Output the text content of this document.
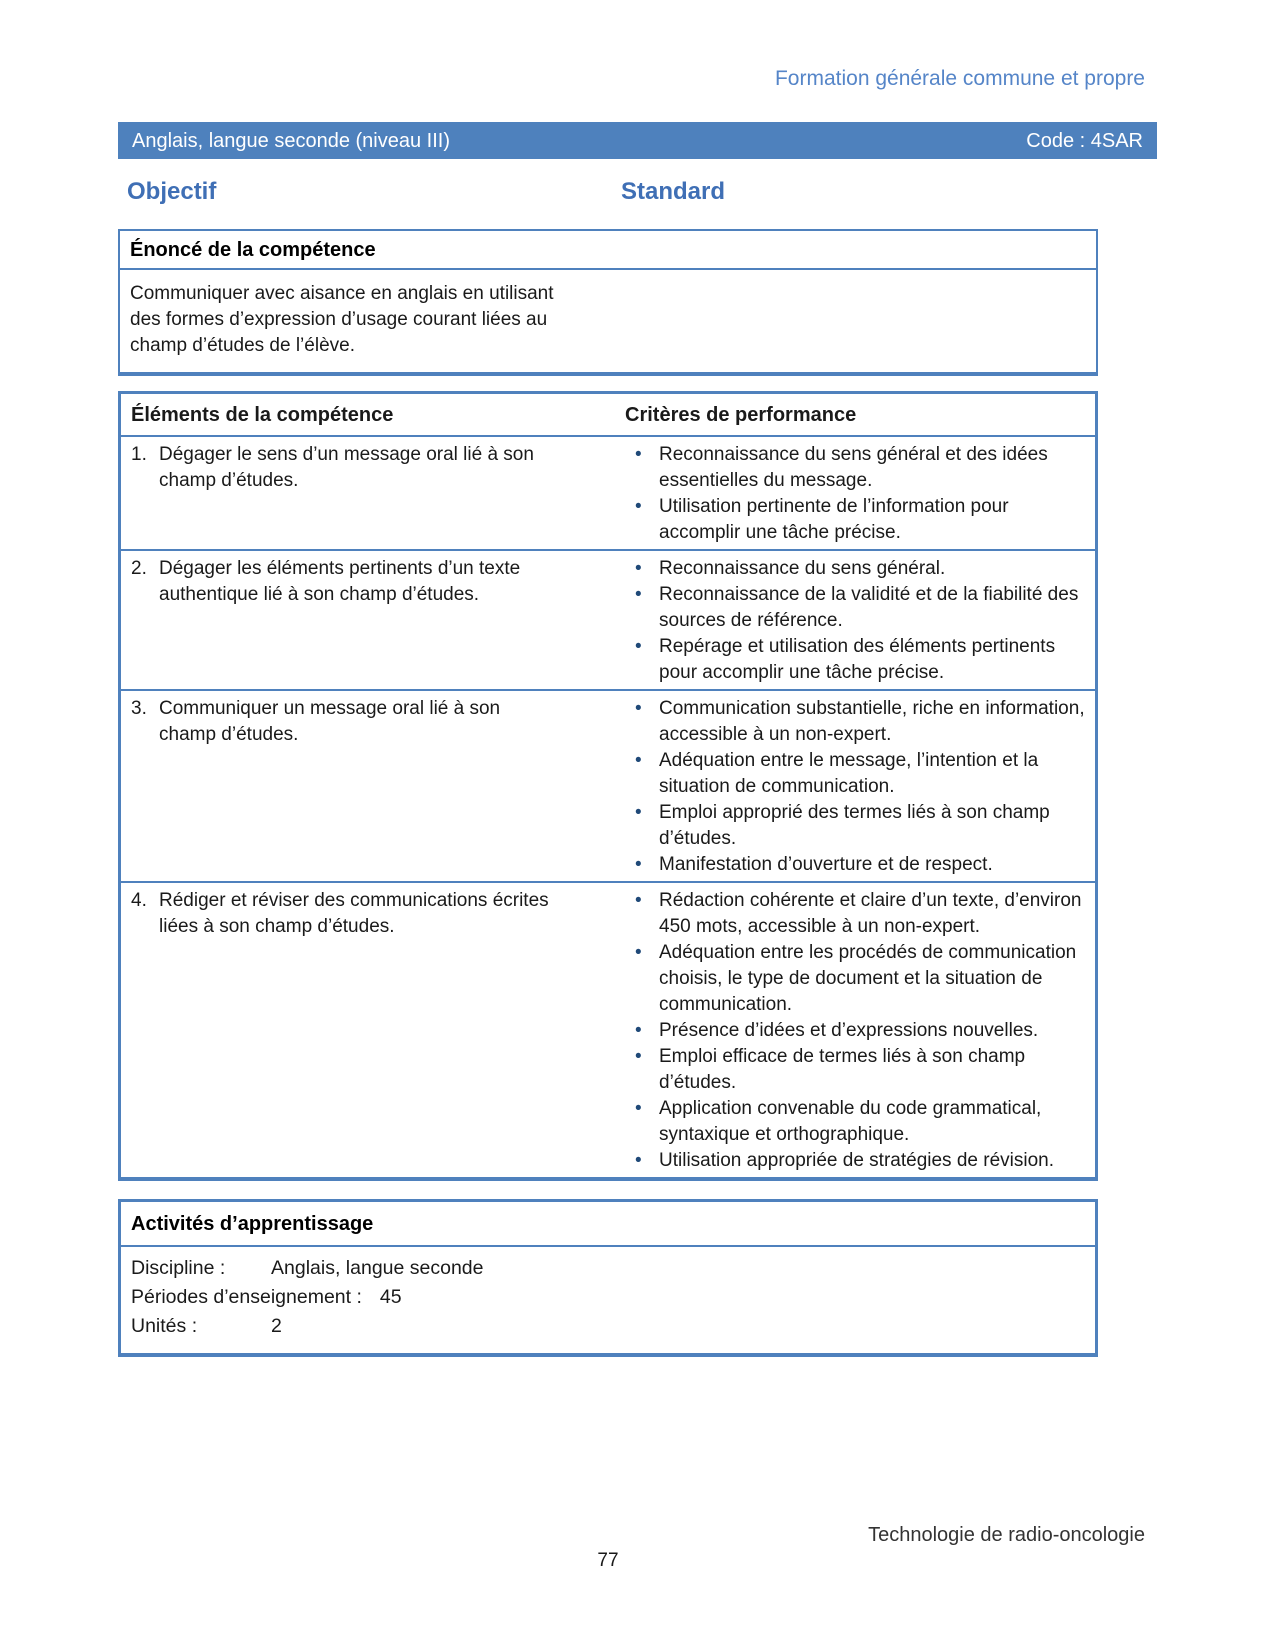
Formation générale commune et propre
Anglais, langue seconde (niveau III)	Code : 4SAR
Objectif	Standard
Énoncé de la compétence
Communiquer avec aisance en anglais en utilisant des formes d’expression d’usage courant liées au champ d’études de l’élève.
Éléments de la compétence	Critères de performance
1. Dégager le sens d’un message oral lié à son champ d’études.
• Reconnaissance du sens général et des idées essentielles du message.
• Utilisation pertinente de l’information pour accomplir une tâche précise.
2. Dégager les éléments pertinents d’un texte authentique lié à son champ d’études.
• Reconnaissance du sens général.
• Reconnaissance de la validité et de la fiabilité des sources de référence.
• Repérage et utilisation des éléments pertinents pour accomplir une tâche précise.
3. Communiquer un message oral lié à son champ d’études.
• Communication substantielle, riche en information, accessible à un non-expert.
• Adéquation entre le message, l’intention et la situation de communication.
• Emploi approprié des termes liés à son champ d’études.
• Manifestation d’ouverture et de respect.
4. Rédiger et réviser des communications écrites liées à son champ d’études.
• Rédaction cohérente et claire d’un texte, d’environ 450 mots, accessible à un non-expert.
• Adéquation entre les procédés de communication choisis, le type de document et la situation de communication.
• Présence d’idées et d’expressions nouvelles.
• Emploi efficace de termes liés à son champ d’études.
• Application convenable du code grammatical, syntaxique et orthographique.
• Utilisation appropriée de stratégies de révision.
Activités d’apprentissage
Discipline : Anglais, langue seconde
Périodes d’enseignement : 45
Unités :	2
Technologie de radio-oncologie
77
